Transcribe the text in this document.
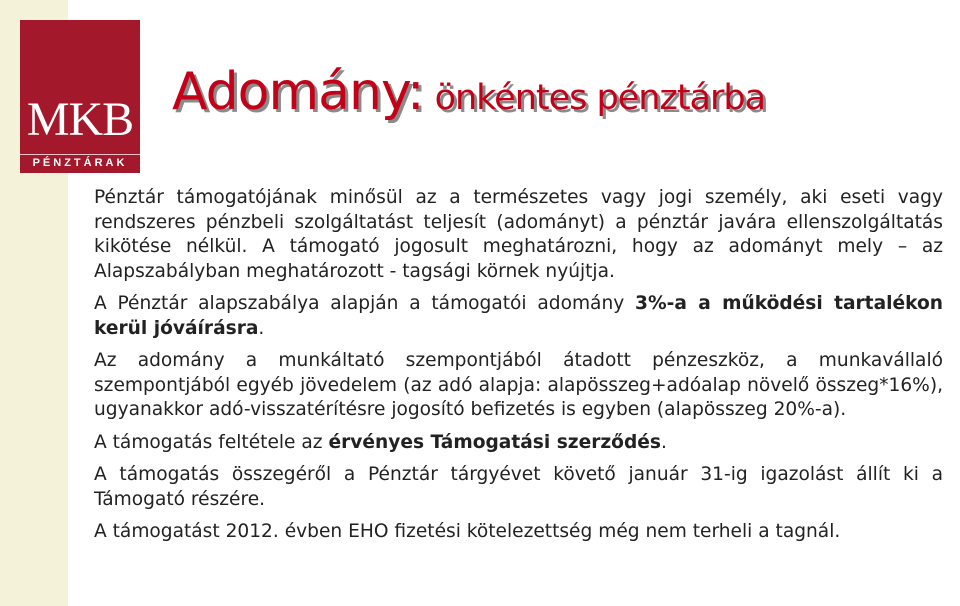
MKB
PÉNZTÁRAK
Adomány: önkéntes pénztárba

Pénztár támogatójának minősül az a természetes vagy jogi személy, aki eseti vagy rendszeres pénzbeli szolgáltatást teljesít (adományt) a pénztár javára ellenszolgáltatás kikötése nélkül. A támogató jogosult meghatározni, hogy az adományt mely – az Alapszabályban meghatározott - tagsági körnek nyújtja.

A Pénztár alapszabálya alapján a támogatói adomány 3%-a a működési tartalékon kerül jóváírásra.

Az adomány a munkáltató szempontjából átadott pénzeszköz, a munkavállaló szempontjából egyéb jövedelem (az adó alapja: alapösszeg+adóalap növelő összeg*16%), ugyanakkor adó-visszatérítésre jogosító befizetés is egyben (alapösszeg 20%-a).

A támogatás feltétele az érvényes Támogatási szerződés.

A támogatás összegéről a Pénztár tárgyévet követő január 31-ig igazolást állít ki a Támogató részére.

A támogatást 2012. évben EHO fizetési kötelezettség még nem terheli a tagnál.
